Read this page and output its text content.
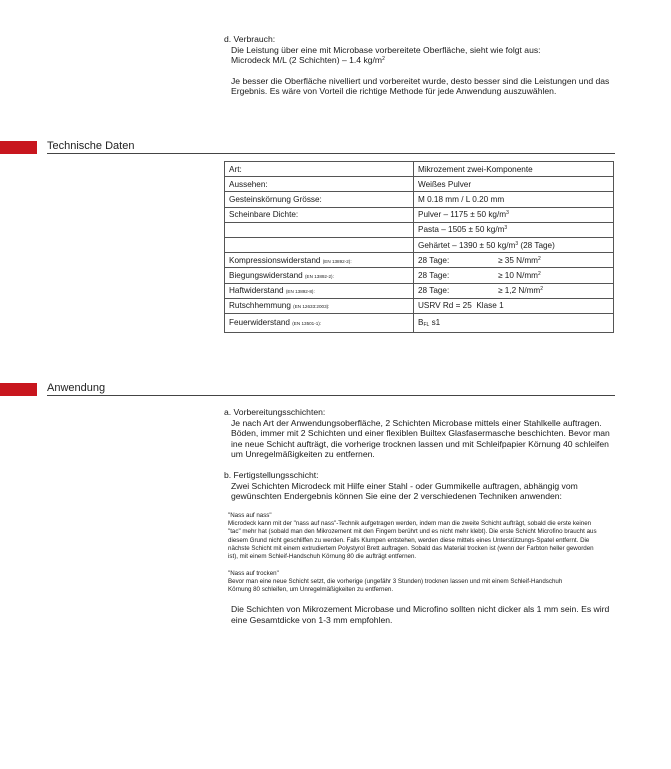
d. Verbrauch:

Die Leistung über eine mit Microbase vorbereitete Oberfläche, sieht wie folgt aus:

Microdeck M/L (2 Schichten) – 1.4 $kg/m^2$

Je besser die Oberfläche nivelliert und vorbereitet wurde, desto besser sind die Leistungen und das Ergebnis. Es wäre von Vorteil die richtige Methode für jede Anwendung auszuwählen.

Technische Daten
Art:	Mikrozement zwei-Komponente
Aussehen:	Weißes Pulver
Gesteinskörnung Grösse:	M 0.18 mm / L 0.20 mm
Scheinbare Dichte:	Pulver – 1175 ± 50 $kg/m^3$
	Pasta – 1505 ± 50 $kg/m^3$
	Gehärtet – 1390 ± 50 $kg/m^3$ (28 Tage)
Kompressionswiderstand (EN 13892-2):	28 Tage: ≥ 35 $N/mm^2$
Biegungswiderstand (EN 13892-2):	28 Tage: ≥ 10 $N/mm^2$
Haftwiderstand (EN 13892-8):	28 Tage: ≥ 1,2 $N/mm^2$
Rutschhemmung (EN 12633:2003):	USRV Rd = 25  Klase 1
Feuerwiderstand (EN 13501-1):	$B_{FL}$ s1
Anwendung

a. Vorbereitungsschichten:

Je nach Art der Anwendungsoberfläche, 2 Schichten Microbase mittels einer Stahlkelle auftragen. Böden, immer mit 2 Schichten und einer flexiblen Builtex Glasfasermasche beschichten. Bevor man ine neue Schicht aufträgt, die vorherige trocknen lassen und mit Schleifpapier Körnung 40 schleifen um Unregelmäßigkeiten zu entfernen.

b. Fertigstellungsschicht:

Zwei Schichten Microdeck mit Hilfe einer Stahl - oder Gummikelle auftragen, abhängig vom gewünschten Endergebnis können Sie eine der 2 verschiedenen Techniken anwenden:

"Nass auf nass"

Microdeck kann mit der "nass auf nass"-Technik aufgetragen werden, indem man die zweite Schicht aufträgt, sobald die erste keinen "tac" mehr hat (sobald man den Mikrozement mit den Fingern berührt und es nicht mehr klebt). Die erste Schicht Microfino braucht aus diesem Grund nicht geschliffen zu werden. Falls Klumpen entstehen, werden diese mittels eines Unterstützungs-Spatel entfernt. Die nächste Schicht mit einem extrudiertem Polystyrol Brett auftragen. Sobald das Material trocken ist (wenn der Farbton heller geworden ist), mit einem Schleif-Handschuh Körnung 80 die aufträgt entfernen.

"Nass auf trocken"

Bevor man eine neue Schicht setzt, die vorherige (ungefähr 3 Stunden) trocknen lassen und mit einem Schleif-Handschuh Körnung 80 schleifen, um Unregelmäßigkeiten zu entfernen.

Die Schichten von Mikrozement Microbase und Microfino sollten nicht dicker als 1 mm sein. Es wird eine Gesamtdicke von 1-3 mm empfohlen.
